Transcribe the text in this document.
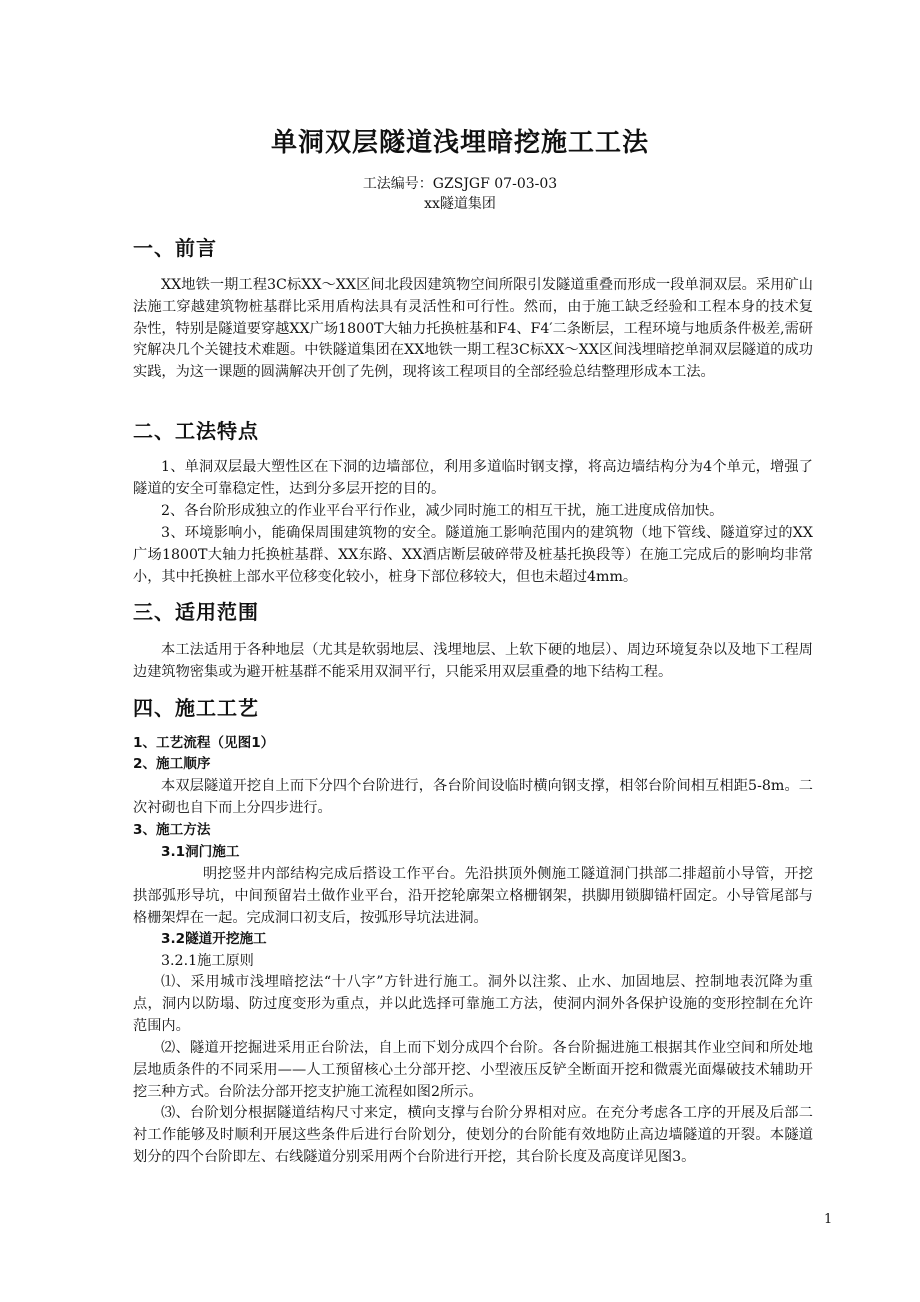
单洞双层隧道浅埋暗挖施工工法
工法编号：GZSJGF 07-03-03
xx隧道集团
一、前言

XX地铁一期工程3C标XX～XX区间北段因建筑物空间所限引发隧道重叠而形成一段单洞双层。采用矿山法施工穿越建筑物桩基群比采用盾构法具有灵活性和可行性。然而，由于施工缺乏经验和工程本身的技术复杂性，特别是隧道要穿越XX广场1800T大轴力托换桩基和F4、F4′二条断层，工程环境与地质条件极差,需研究解决几个关键技术难题。中铁隧道集团在XX地铁一期工程3C标XX～XX区间浅埋暗挖单洞双层隧道的成功实践，为这一课题的圆满解决开创了先例，现将该工程项目的全部经验总结整理形成本工法。

二、工法特点

1、单洞双层最大塑性区在下洞的边墙部位，利用多道临时钢支撑，将高边墙结构分为4个单元，增强了隧道的安全可靠稳定性，达到分多层开挖的目的。

2、各台阶形成独立的作业平台平行作业，减少同时施工的相互干扰，施工进度成倍加快。

3、环境影响小，能确保周围建筑物的安全。隧道施工影响范围内的建筑物（地下管线、隧道穿过的XX广场1800T大轴力托换桩基群、XX东路、XX酒店断层破碎带及桩基托换段等）在施工完成后的影响均非常小，其中托换桩上部水平位移变化较小，桩身下部位移较大，但也未超过4mm。

三、适用范围

本工法适用于各种地层（尤其是软弱地层、浅埋地层、上软下硬的地层）、周边环境复杂以及地下工程周边建筑物密集或为避开桩基群不能采用双洞平行，只能采用双层重叠的地下结构工程。

四、施工工艺
1、工艺流程（见图1）
2、施工顺序

本双层隧道开挖自上而下分四个台阶进行，各台阶间设临时横向钢支撑，相邻台阶间相互相距5-8m。二次衬砌也自下而上分四步进行。

3、施工方法
3.1洞门施工

明挖竖井内部结构完成后搭设工作平台。先沿拱顶外侧施工隧道洞门拱部二排超前小导管，开挖拱部弧形导坑，中间预留岩土做作业平台，沿开挖轮廓架立格栅钢架，拱脚用锁脚锚杆固定。小导管尾部与格栅架焊在一起。完成洞口初支后，按弧形导坑法进洞。

3.2隧道开挖施工
3.2.1施工原则

⑴、采用城市浅埋暗挖法“十八字”方针进行施工。洞外以注浆、止水、加固地层、控制地表沉降为重点，洞内以防塌、防过度变形为重点，并以此选择可靠施工方法，使洞内洞外各保护设施的变形控制在允许范围内。

⑵、隧道开挖掘进采用正台阶法，自上而下划分成四个台阶。各台阶掘进施工根据其作业空间和所处地层地质条件的不同采用——人工预留核心土分部开挖、小型液压反铲全断面开挖和微震光面爆破技术辅助开挖三种方式。台阶法分部开挖支护施工流程如图2所示。

⑶、台阶划分根据隧道结构尺寸来定，横向支撑与台阶分界相对应。在充分考虑各工序的开展及后部二衬工作能够及时顺利开展这些条件后进行台阶划分，使划分的台阶能有效地防止高边墙隧道的开裂。本隧道划分的四个台阶即左、右线隧道分别采用两个台阶进行开挖，其台阶长度及高度详见图3。

1
